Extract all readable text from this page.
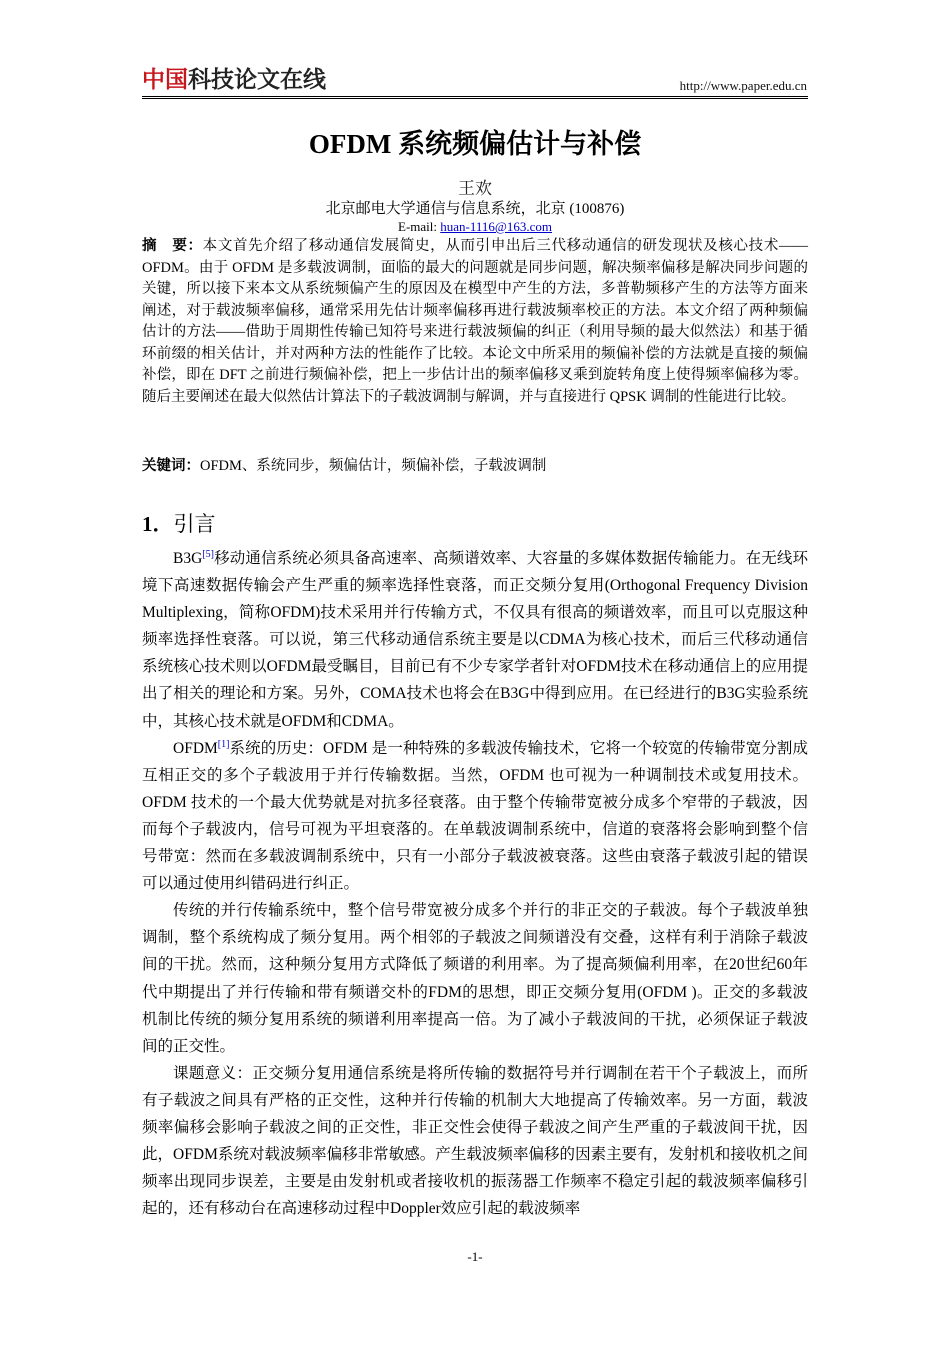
中国科技论文在线	http://www.paper.edu.cn
OFDM 系统频偏估计与补偿
王欢
北京邮电大学通信与信息系统，北京 (100876)
E-mail: huan-1116@163.com
摘　要：本文首先介绍了移动通信发展简史，从而引申出后三代移动通信的研发现状及核心技术——OFDM。由于 OFDM 是多载波调制，面临的最大的问题就是同步问题，解决频率偏移是解决同步问题的关键，所以接下来本文从系统频偏产生的原因及在模型中产生的方法，多普勒频移产生的方法等方面来阐述，对于载波频率偏移，通常采用先估计频率偏移再进行载波频率校正的方法。本文介绍了两种频偏估计的方法——借助于周期性传输已知符号来进行载波频偏的纠正（利用导频的最大似然法）和基于循环前缀的相关估计，并对两种方法的性能作了比较。本论文中所采用的频偏补偿的方法就是直接的频偏补偿，即在 DFT 之前进行频偏补偿，把上一步估计出的频率偏移叉乘到旋转角度上使得频率偏移为零。随后主要阐述在最大似然估计算法下的子载波调制与解调，并与直接进行 QPSK 调制的性能进行比较。
关键词：OFDM、系统同步，频偏估计，频偏补偿，子载波调制
1．引言

B3G[5]移动通信系统必须具备高速率、高频谱效率、大容量的多媒体数据传输能力。在无线环境下高速数据传输会产生严重的频率选择性衰落，而正交频分复用(Orthogonal Frequency Division Multiplexing，简称OFDM)技术采用并行传输方式，不仅具有很高的频谱效率，而且可以克服这种频率选择性衰落。可以说，第三代移动通信系统主要是以CDMA为核心技术，而后三代移动通信系统核心技术则以OFDM最受瞩目，目前已有不少专家学者针对OFDM技术在移动通信上的应用提出了相关的理论和方案。另外，COMA技术也将会在B3G中得到应用。在已经进行的B3G实验系统中，其核心技术就是OFDM和CDMA。

OFDM[1]系统的历史：OFDM 是一种特殊的多载波传输技术，它将一个较宽的传输带宽分割成互相正交的多个子载波用于并行传输数据。当然，OFDM 也可视为一种调制技术或复用技术。OFDM 技术的一个最大优势就是对抗多径衰落。由于整个传输带宽被分成多个窄带的子载波，因而每个子载波内，信号可视为平坦衰落的。在单载波调制系统中，信道的衰落将会影响到整个信号带宽：然而在多载波调制系统中，只有一小部分子载波被衰落。这些由衰落子载波引起的错误可以通过使用纠错码进行纠正。

传统的并行传输系统中，整个信号带宽被分成多个并行的非正交的子载波。每个子载波单独调制，整个系统构成了频分复用。两个相邻的子载波之间频谱没有交叠，这样有利于消除子载波间的干扰。然而，这种频分复用方式降低了频谱的利用率。为了提高频偏利用率，在20世纪60年代中期提出了并行传输和带有频谱交朴的FDM的思想，即正交频分复用(OFDM )。正交的多载波机制比传统的频分复用系统的频谱利用率提高一倍。为了减小子载波间的干扰，必须保证子载波间的正交性。

课题意义：正交频分复用通信系统是将所传输的数据符号并行调制在若干个子载波上，而所有子载波之间具有严格的正交性，这种并行传输的机制大大地提高了传输效率。另一方面，载波频率偏移会影响子载波之间的正交性，非正交性会使得子载波之间产生严重的子载波间干扰，因此，OFDM系统对载波频率偏移非常敏感。产生载波频率偏移的因素主要有，发射机和接收机之间频率出现同步误差，主要是由发射机或者接收机的振荡器工作频率不稳定引起的载波频率偏移引起的，还有移动台在高速移动过程中Doppler效应引起的载波频率

-1-
